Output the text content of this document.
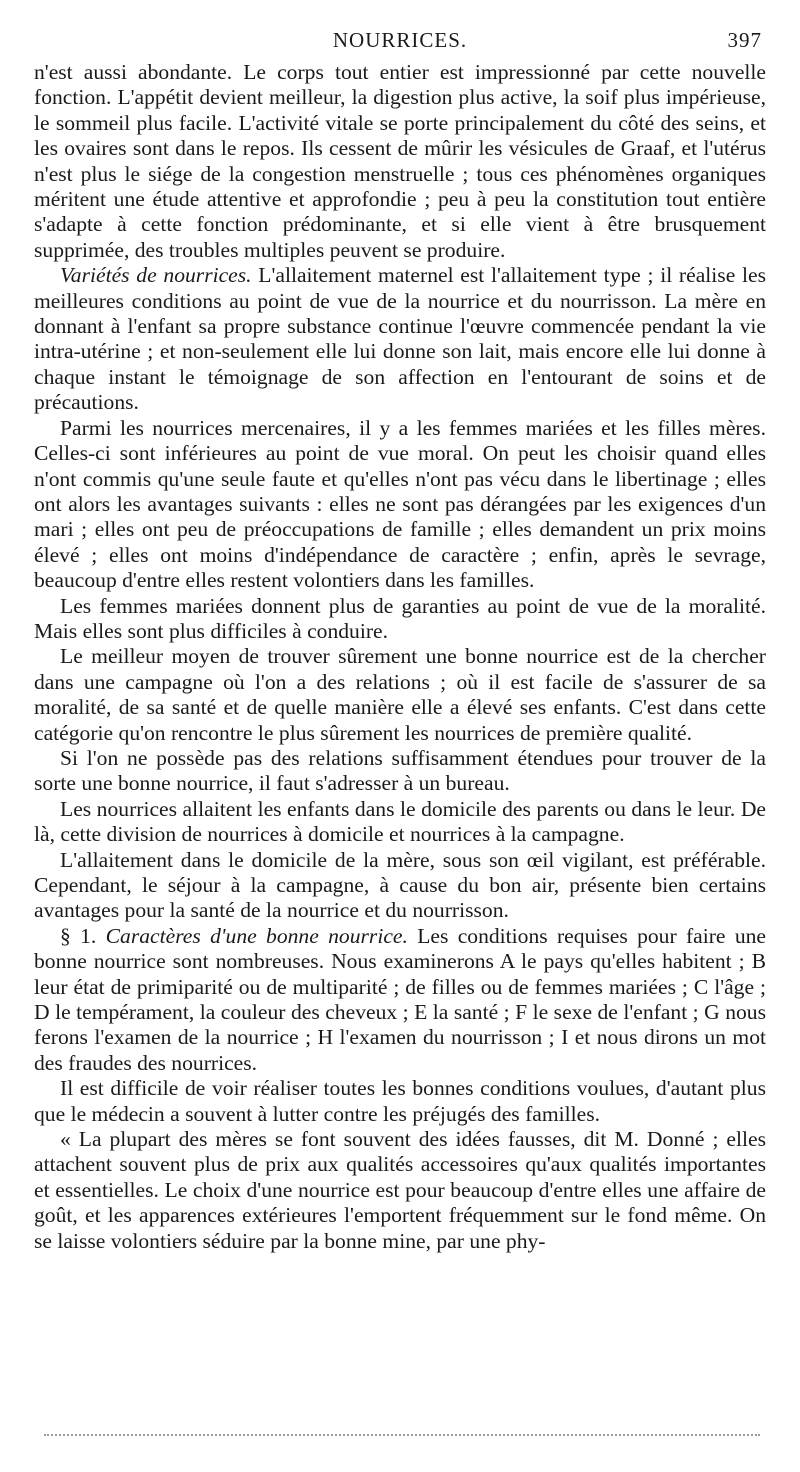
NOURRICES.	397

n'est aussi abondante. Le corps tout entier est impressionné par cette nouvelle fonction. L'appétit devient meilleur, la digestion plus active, la soif plus impérieuse, le sommeil plus facile. L'activité vitale se porte principalement du côté des seins, et les ovaires sont dans le repos. Ils cessent de mûrir les vésicules de Graaf, et l'utérus n'est plus le siége de la congestion menstruelle ; tous ces phénomènes organiques méritent une étude attentive et approfondie ; peu à peu la constitution tout entière s'adapte à cette fonction prédominante, et si elle vient à être brusquement supprimée, des troubles multiples peuvent se produire.

Variétés de nourrices. L'allaitement maternel est l'allaitement type ; il réalise les meilleures conditions au point de vue de la nourrice et du nourrisson. La mère en donnant à l'enfant sa propre substance continue l'œuvre commencée pendant la vie intra-utérine ; et non-seulement elle lui donne son lait, mais encore elle lui donne à chaque instant le témoignage de son affection en l'entourant de soins et de précautions.

Parmi les nourrices mercenaires, il y a les femmes mariées et les filles mères. Celles-ci sont inférieures au point de vue moral. On peut les choisir quand elles n'ont commis qu'une seule faute et qu'elles n'ont pas vécu dans le libertinage ; elles ont alors les avantages suivants : elles ne sont pas dérangées par les exigences d'un mari ; elles ont peu de préoccupations de famille ; elles demandent un prix moins élevé ; elles ont moins d'indépendance de caractère ; enfin, après le sevrage, beaucoup d'entre elles restent volontiers dans les familles.

Les femmes mariées donnent plus de garanties au point de vue de la moralité. Mais elles sont plus difficiles à conduire.

Le meilleur moyen de trouver sûrement une bonne nourrice est de la chercher dans une campagne où l'on a des relations ; où il est facile de s'assurer de sa moralité, de sa santé et de quelle manière elle a élevé ses enfants. C'est dans cette catégorie qu'on rencontre le plus sûrement les nourrices de première qualité.

Si l'on ne possède pas des relations suffisamment étendues pour trouver de la sorte une bonne nourrice, il faut s'adresser à un bureau.

Les nourrices allaitent les enfants dans le domicile des parents ou dans le leur. De là, cette division de nourrices à domicile et nourrices à la campagne.

L'allaitement dans le domicile de la mère, sous son œil vigilant, est préférable. Cependant, le séjour à la campagne, à cause du bon air, présente bien certains avantages pour la santé de la nourrice et du nourrisson.

§ 1. Caractères d'une bonne nourrice. Les conditions requises pour faire une bonne nourrice sont nombreuses. Nous examinerons A le pays qu'elles habitent ; B leur état de primiparité ou de multiparité ; de filles ou de femmes mariées ; C l'âge ; D le tempérament, la couleur des cheveux ; E la santé ; F le sexe de l'enfant ; G nous ferons l'examen de la nourrice ; H l'examen du nourrisson ; I et nous dirons un mot des fraudes des nourrices.

Il est difficile de voir réaliser toutes les bonnes conditions voulues, d'autant plus que le médecin a souvent à lutter contre les préjugés des familles.

« La plupart des mères se font souvent des idées fausses, dit M. Donné ; elles attachent souvent plus de prix aux qualités accessoires qu'aux qualités importantes et essentielles. Le choix d'une nourrice est pour beaucoup d'entre elles une affaire de goût, et les apparences extérieures l'emportent fréquemment sur le fond même. On se laisse volontiers séduire par la bonne mine, par une phy-
